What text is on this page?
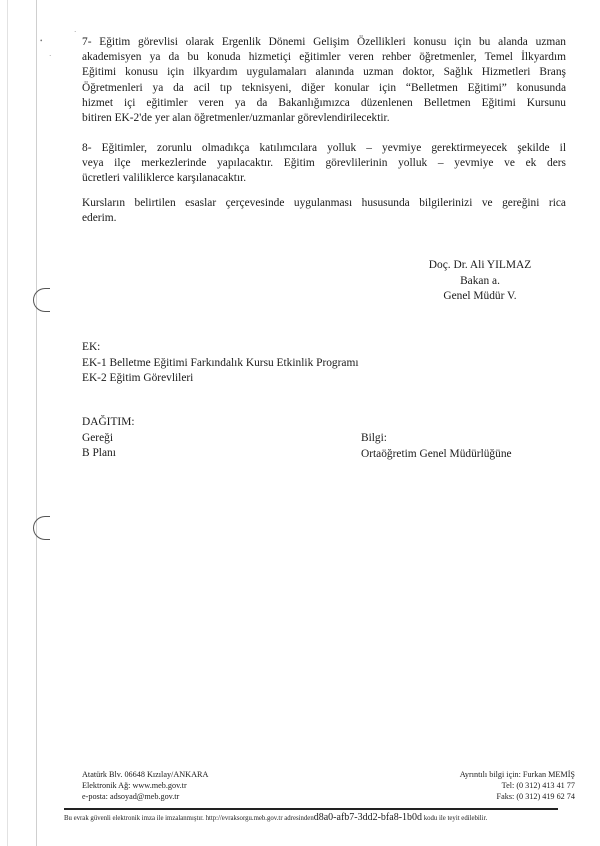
•
·
·
7- Eğitim görevlisi olarak Ergenlik Dönemi Gelişim Özellikleri konusu için bu alanda uzman
akademisyen ya da bu konuda hizmetiçi eğitimler veren rehber öğretmenler, Temel İlkyardım
Eğitimi konusu için ilkyardım uygulamaları alanında uzman doktor, Sağlık Hizmetleri Branş
Öğretmenleri ya da acil tıp teknisyeni, diğer konular için “Belletmen Eğitimi” konusunda
hizmet içi eğitimler veren ya da Bakanlığımızca düzenlenen Belletmen Eğitimi Kursunu
bitiren EK-2'de yer alan öğretmenler/uzmanlar görevlendirilecektir.
8- Eğitimler, zorunlu olmadıkça katılımcılara yolluk – yevmiye gerektirmeyecek şekilde il
veya ilçe merkezlerinde yapılacaktır. Eğitim görevlilerinin yolluk – yevmiye ve ek ders
ücretleri valiliklerce karşılanacaktır.
Kursların belirtilen esaslar çerçevesinde uygulanması hususunda bilgilerinizi ve gereğini rica
ederim.
Doç. Dr. Ali YILMAZ
Bakan a.
Genel Müdür V.
EK:
EK-1 Belletme Eğitimi Farkındalık Kursu Etkinlik Programı
EK-2 Eğitim Görevlileri
DAĞITIM:
Gereği
B Planı
Bilgi:
Ortaöğretim Genel Müdürlüğüne
Atatürk Blv. 06648 Kızılay/ANKARA
Elektronik Ağ: www.meb.gov.tr
e-posta: adsoyad@meb.gov.tr
Ayrıntılı bilgi için: Furkan MEMİŞ
Tel: (0 312) 413 41 77
Faks: (0 312) 419 62 74
Bu evrak güvenli elektronik imza ile imzalanmıştır. http://evraksorgu.meb.gov.tr adresindend8a0-afb7-3dd2-bfa8-1b0d kodu ile teyit edilebilir.
